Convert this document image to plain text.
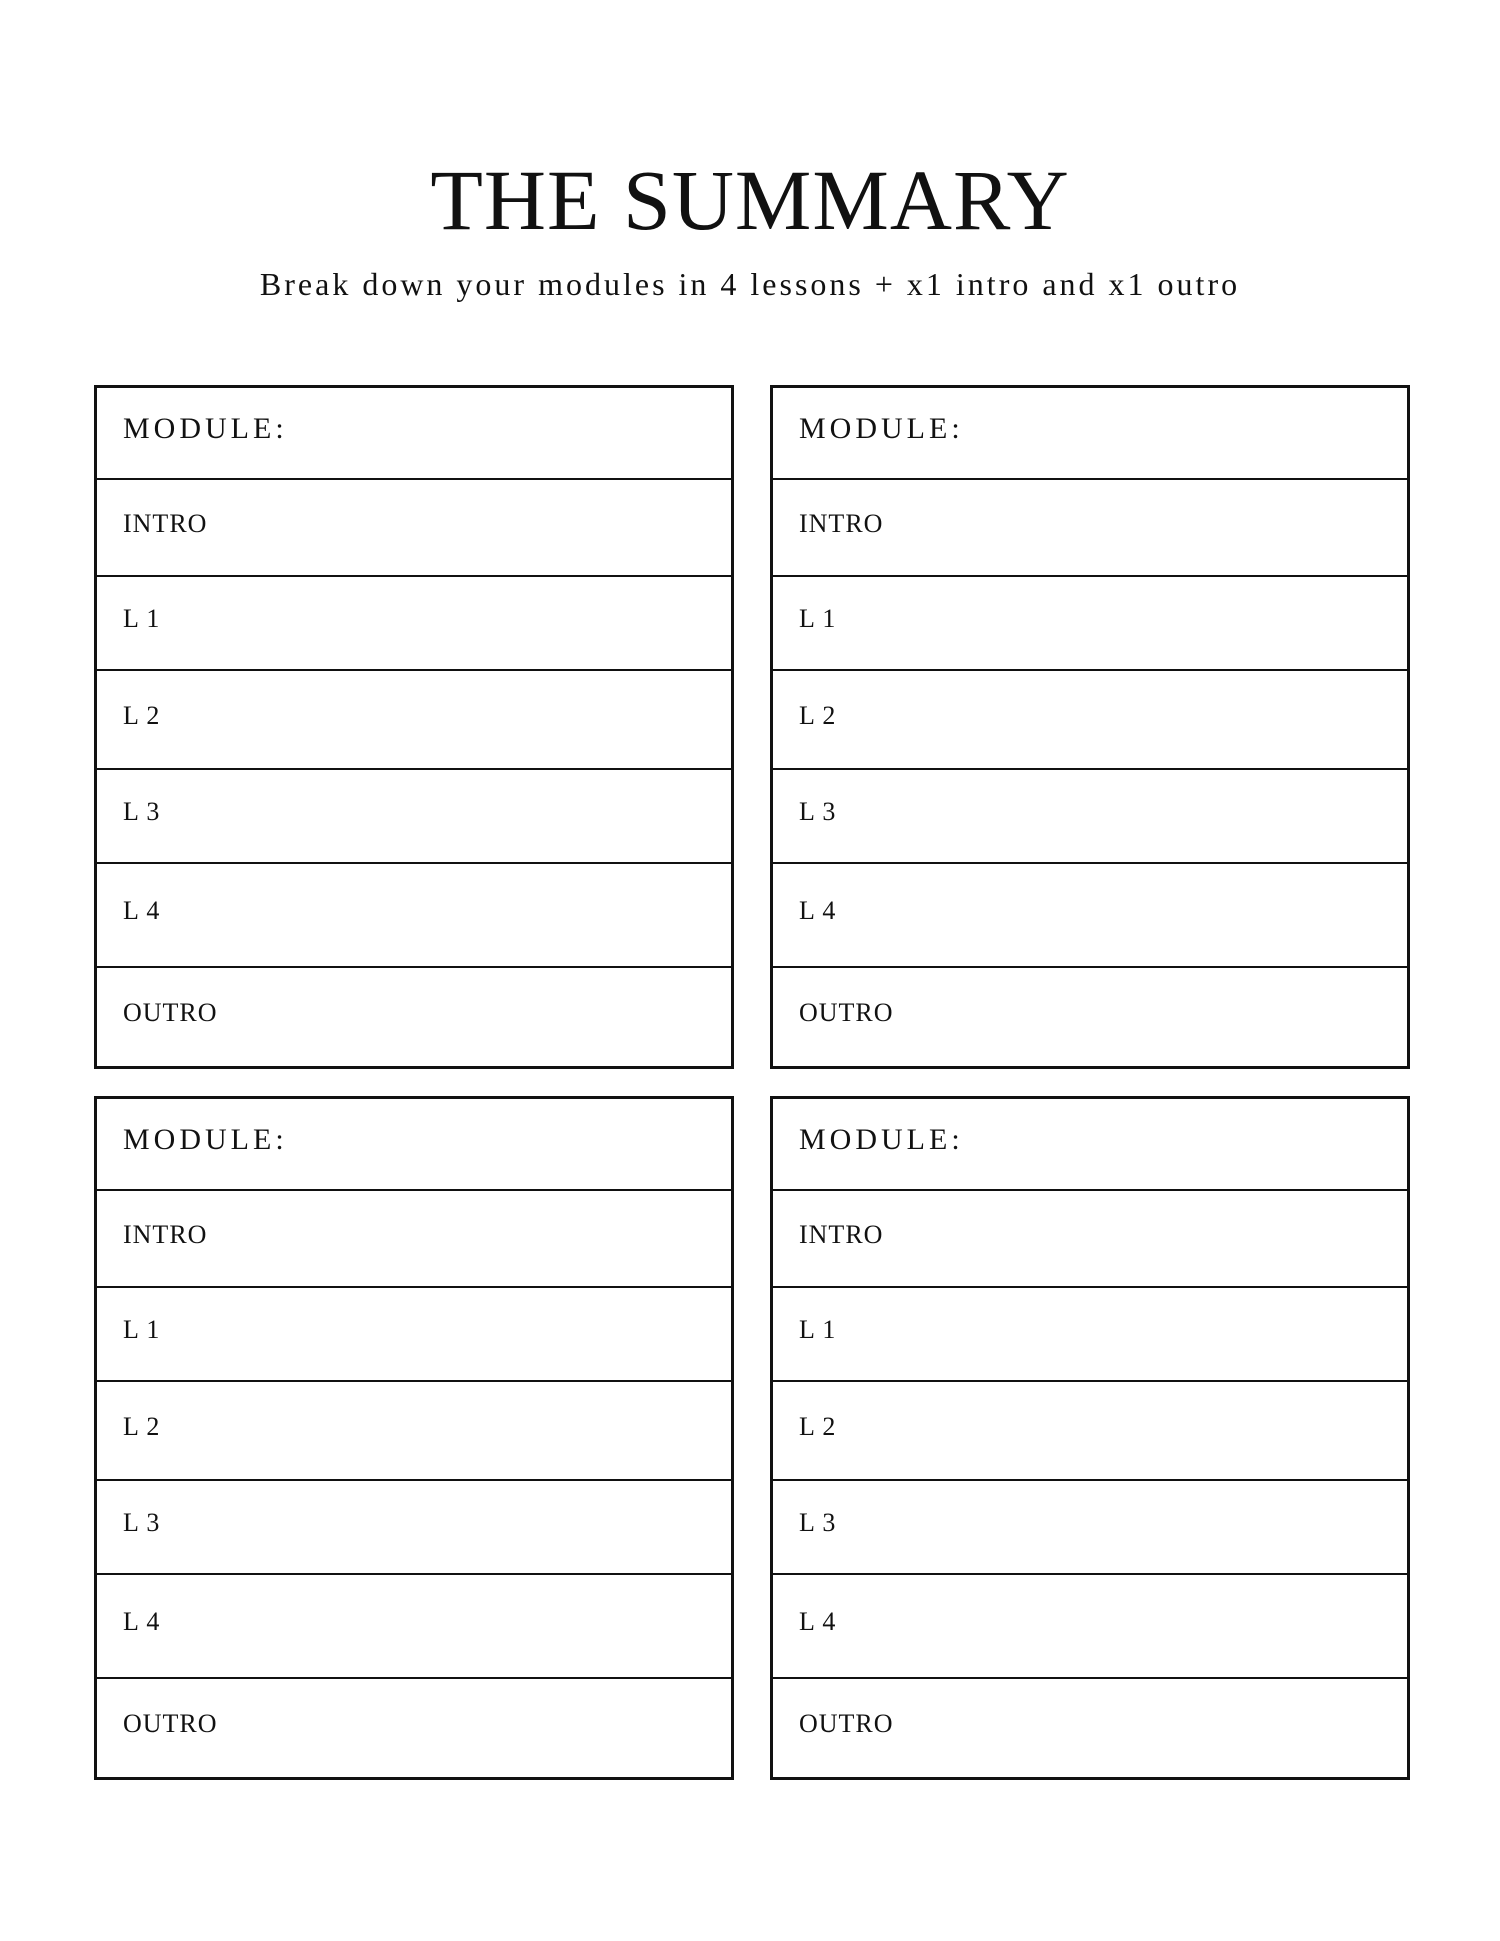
THE SUMMARY

Break down your modules in 4 lessons + x1 intro and x1 outro

MODULE:
INTRO
L 1
L 2
L 3
L 4
OUTRO
MODULE:
INTRO
L 1
L 2
L 3
L 4
OUTRO
MODULE:
INTRO
L 1
L 2
L 3
L 4
OUTRO
MODULE:
INTRO
L 1
L 2
L 3
L 4
OUTRO
